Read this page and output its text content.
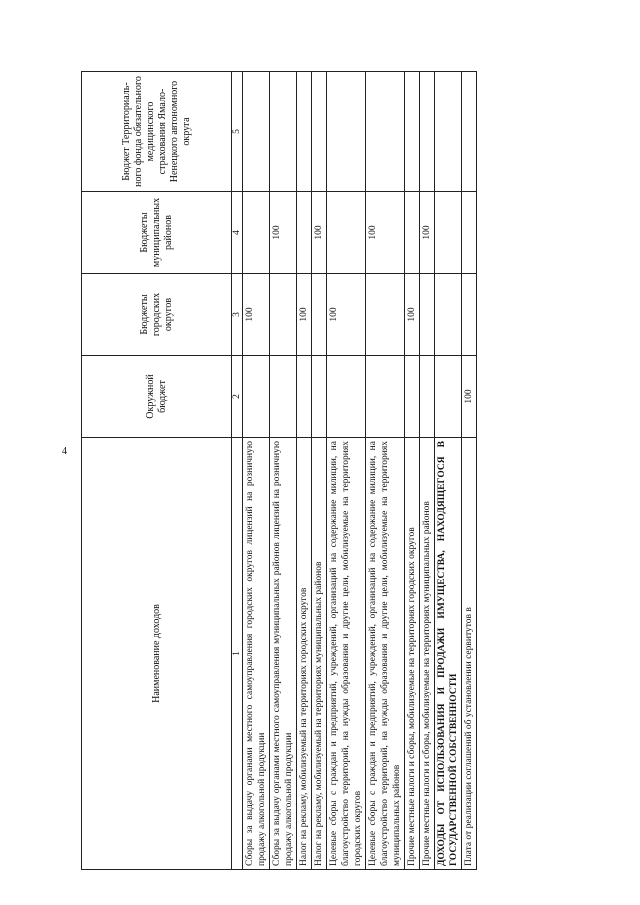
4
Наименование доходов	Окружной бюджет	Бюджеты городских округов	Бюджеты муниципальных районов	Бюджет Территориаль-ного фонда обязательного медицинского страхования Ямало-Ненецкого автономного округа
1	2	3	4	5
Сборы за выдачу органами местного самоуправления городских округов лицензий на розничную продажу алкогольной продукции		100		
Сборы за выдачу органами местного самоуправления муниципальных районов лицензий на розничную продажу алкогольной продукции			100	
Налог на рекламу, мобилизуемый на территориях городских округов		100		
Налог на рекламу, мобилизуемый на территориях муниципальных районов			100	
Целевые сборы с граждан и предприятий, учреждений, организаций на содержание милиции, на благоустройство территорий, на нужды образования и другие цели, мобилизуемые на территориях городских округов		100		
Целевые сборы с граждан и предприятий, учреждений, организаций на содержание милиции, на благоустройство территорий, на нужды образования и другие цели, мобилизуемые на территориях муниципальных районов			100	
Прочие местные налоги и сборы, мобилизуемые на территориях городских округов		100		
Прочие местные налоги и сборы, мобилизуемые на территориях муниципальных районов			100	
ДОХОДЫ ОТ ИСПОЛЬЗОВАНИЯ И ПРОДАЖИ ИМУЩЕСТВА, НАХОДЯЩЕГОСЯ В ГОСУДАРСТВЕННОЙ СОБСТВЕННОСТИ				
Плата от реализации соглашений об установлении сервитутов в	100			
